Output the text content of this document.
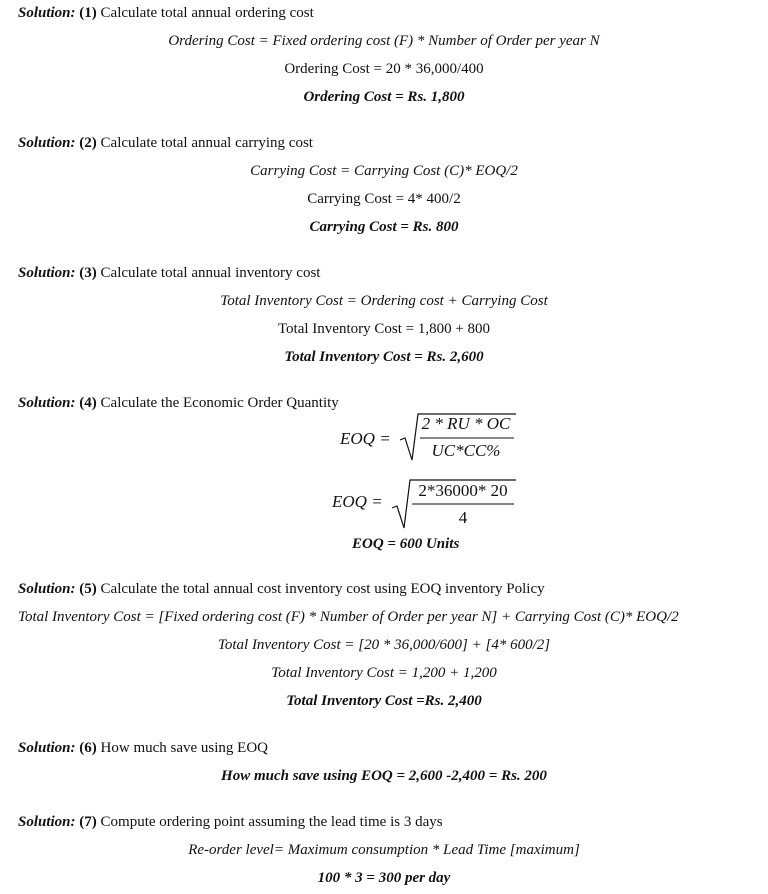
Solution: (1) Calculate total annual ordering cost
Ordering Cost = Fixed ordering cost (F) * Number of Order per year N
Ordering Cost = 20 * 36,000/400
Ordering Cost = Rs. 1,800
Solution: (2) Calculate total annual carrying cost
Carrying Cost = Carrying Cost (C)* EOQ/2
Carrying Cost = 4* 400/2
Carrying Cost = Rs. 800
Solution: (3) Calculate total annual inventory cost
Total Inventory Cost = Ordering cost + Carrying Cost
Total Inventory Cost = 1,800 + 800
Total Inventory Cost = Rs. 2,600
Solution: (4) Calculate the Economic Order Quantity
EOQ =
2 * RU * OC
UC*CC%
EOQ =
2*36000* 20
4
EOQ = 600 Units
Solution: (5) Calculate the total annual cost inventory cost using EOQ inventory Policy
Total Inventory Cost = [Fixed ordering cost (F) * Number of Order per year N] + Carrying Cost (C)* EOQ/2
Total Inventory Cost = [20 * 36,000/600] + [4* 600/2]
Total Inventory Cost = 1,200 + 1,200
Total Inventory Cost =Rs. 2,400
Solution: (6) How much save using EOQ
How much save using EOQ = 2,600 -2,400 = Rs. 200
Solution: (7) Compute ordering point assuming the lead time is 3 days
Re-order level= Maximum consumption * Lead Time [maximum]
100 * 3 = 300 per day
